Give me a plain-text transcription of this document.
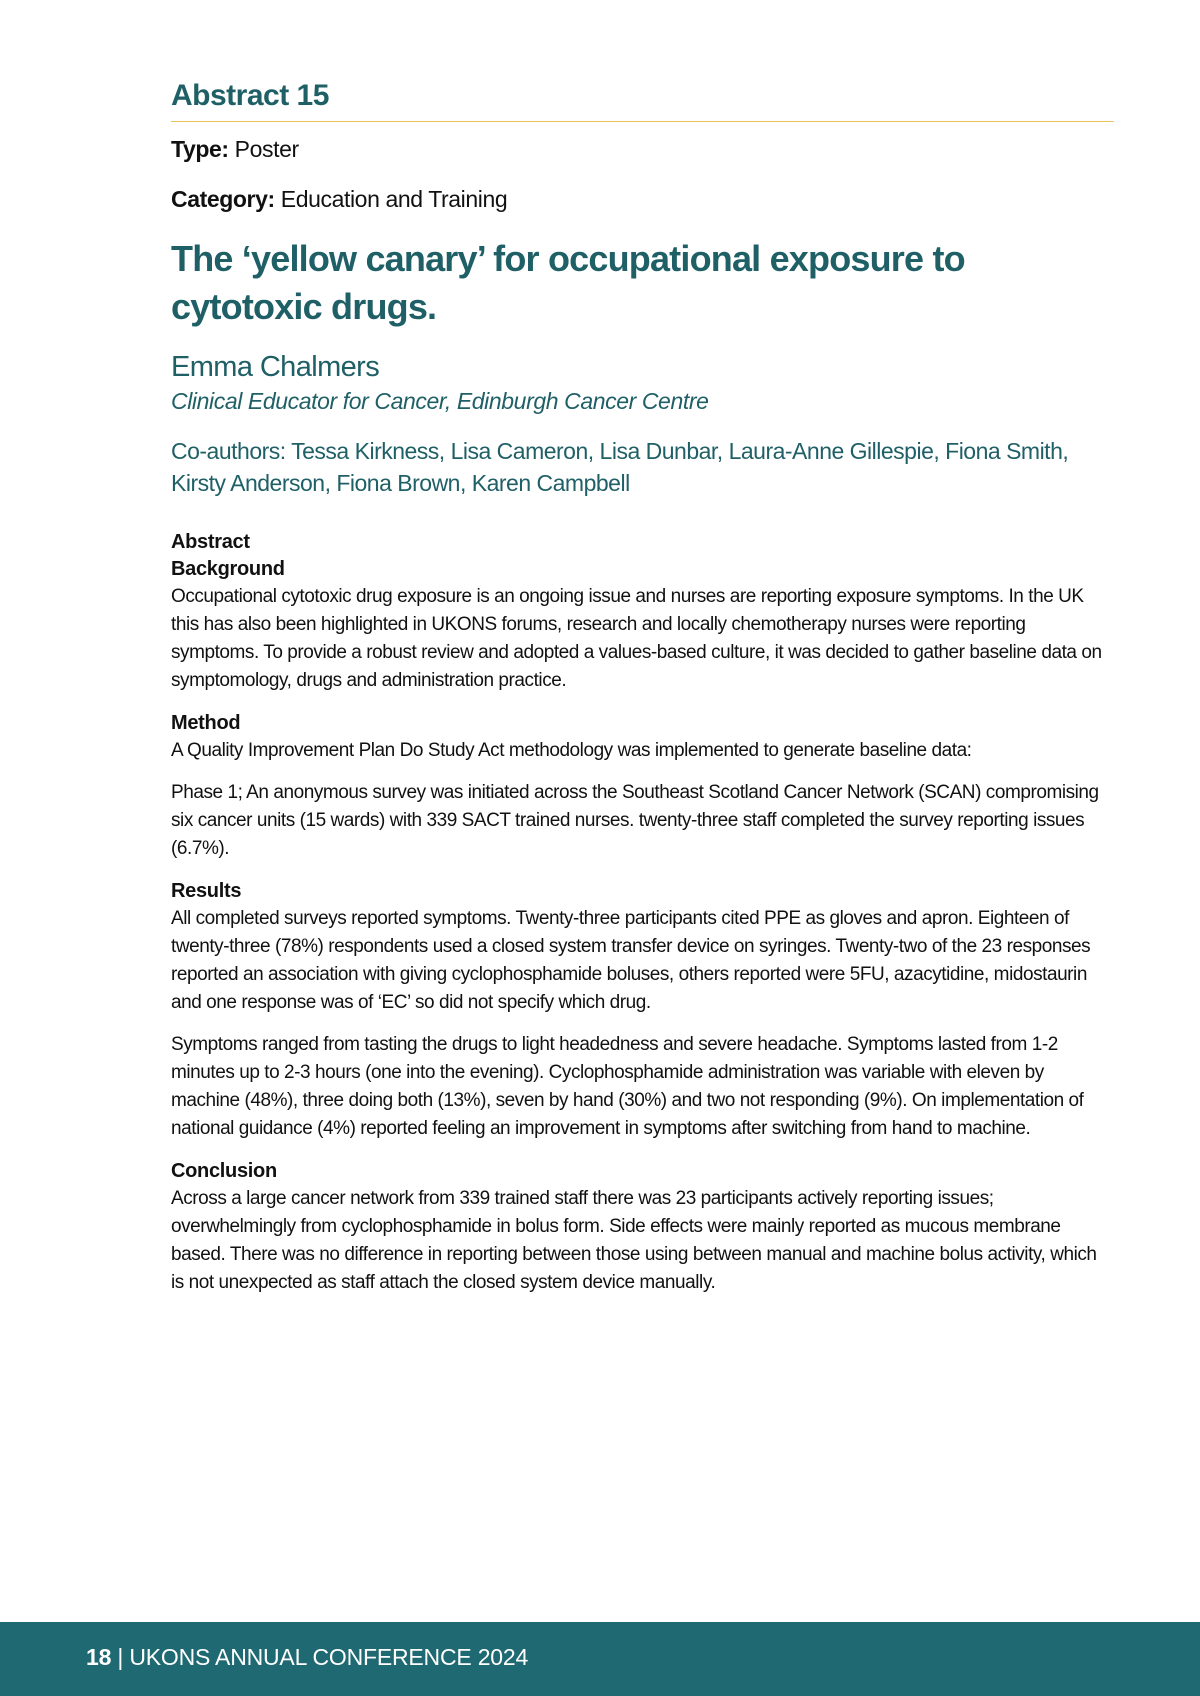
Abstract 15

Type: Poster

Category: Education and Training

The ‘yellow canary’ for occupational exposure to cytotoxic drugs.

Emma Chalmers

Clinical Educator for Cancer, Edinburgh Cancer Centre

Co-authors: Tessa Kirkness, Lisa Cameron, Lisa Dunbar, Laura-Anne Gillespie, Fiona Smith, Kirsty Anderson, Fiona Brown, Karen Campbell

Abstract

Background

Occupational cytotoxic drug exposure is an ongoing issue and nurses are reporting exposure symptoms. In the UK this has also been highlighted in UKONS forums, research and locally chemotherapy nurses were reporting symptoms. To provide a robust review and adopted a values-based culture, it was decided to gather baseline data on symptomology, drugs and administration practice.

Method

A Quality Improvement Plan Do Study Act methodology was implemented to generate baseline data:

Phase 1; An anonymous survey was initiated across the Southeast Scotland Cancer Network (SCAN) compromising six cancer units (15 wards) with 339 SACT trained nurses. twenty-three staff completed the survey reporting issues (6.7%).

Results

All completed surveys reported symptoms. Twenty-three participants cited PPE as gloves and apron. Eighteen of twenty-three (78%) respondents used a closed system transfer device on syringes. Twenty-two of the 23 responses reported an association with giving cyclophosphamide boluses, others reported were 5FU, azacytidine, midostaurin and one response was of ‘EC’ so did not specify which drug.

Symptoms ranged from tasting the drugs to light headedness and severe headache. Symptoms lasted from 1-2 minutes up to 2-3 hours (one into the evening). Cyclophosphamide administration was variable with eleven by machine (48%), three doing both (13%), seven by hand (30%) and two not responding (9%). On implementation of national guidance (4%) reported feeling an improvement in symptoms after switching from hand to machine.

Conclusion

Across a large cancer network from 339 trained staff there was 23 participants actively reporting issues; overwhelmingly from cyclophosphamide in bolus form. Side effects were mainly reported as mucous membrane based. There was no difference in reporting between those using between manual and machine bolus activity, which is not unexpected as staff attach the closed system device manually.

18 | UKONS ANNUAL CONFERENCE 2024
